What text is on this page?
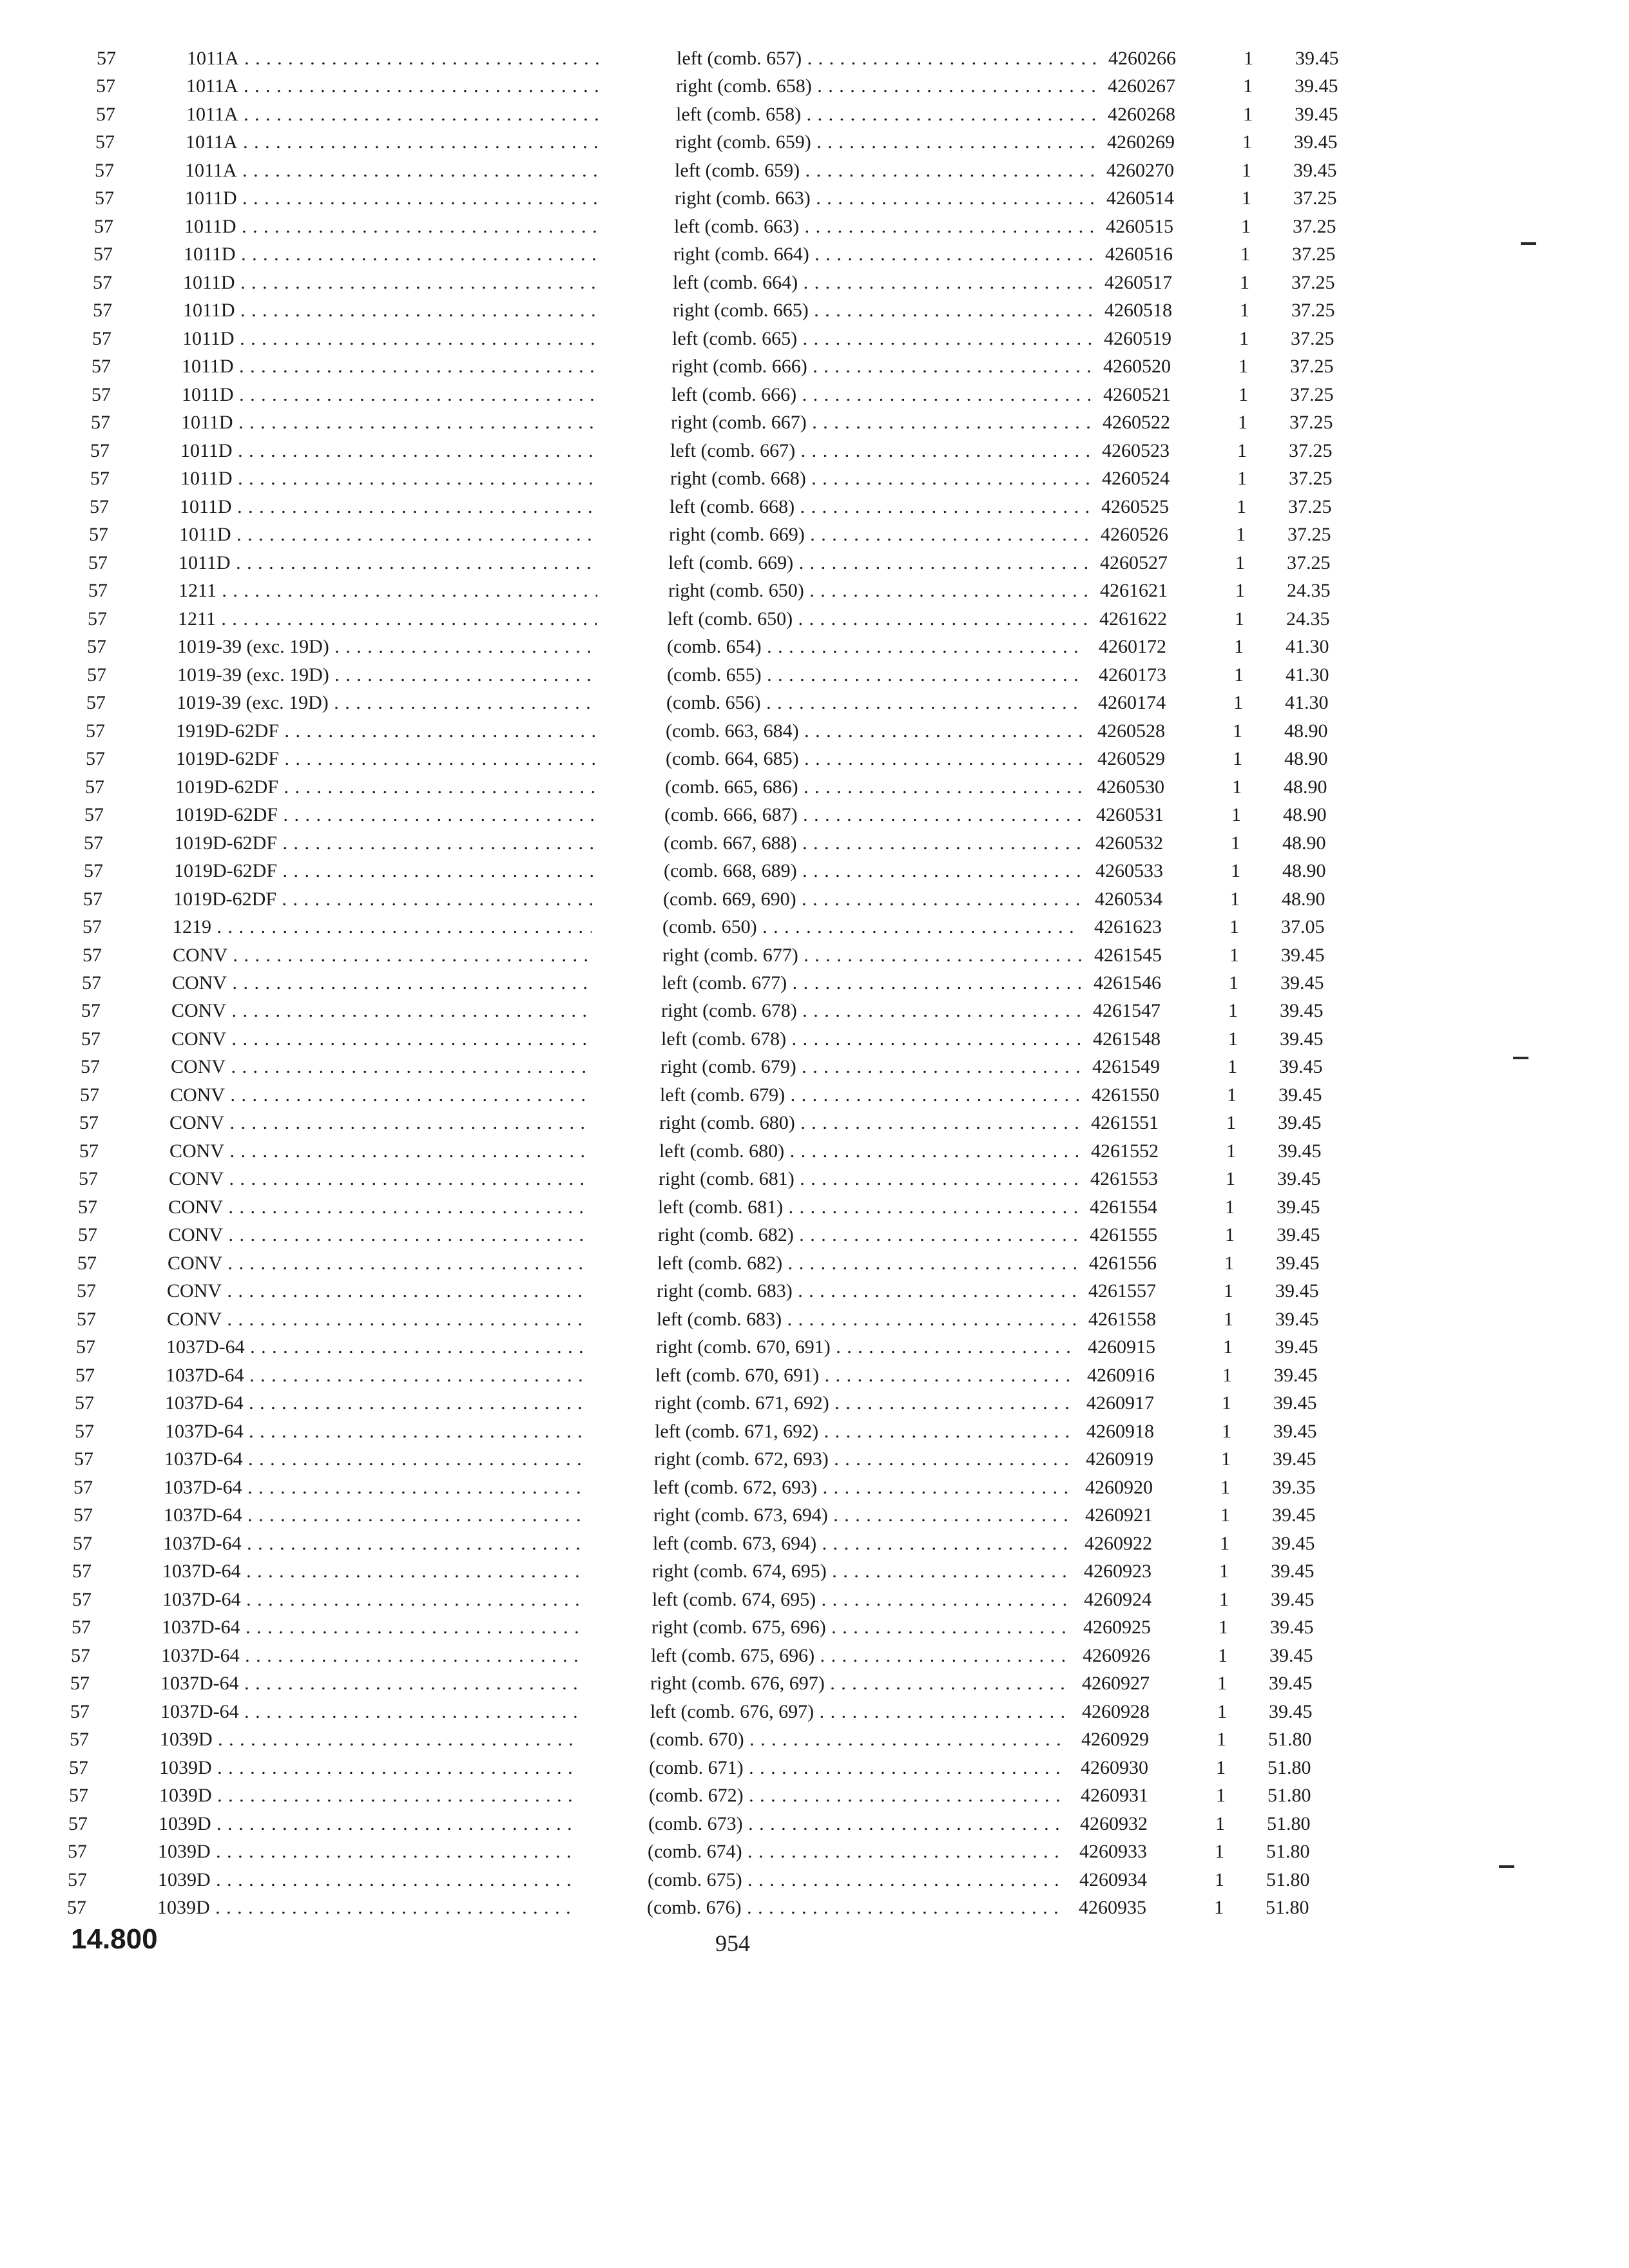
57	1011A . . .	left (comb. 657) . . .	4260266	1	39.45
57	1011A . . .	right (comb. 658) . . .	4260267	1	39.45
57	1011A . . .	left (comb. 658) . . .	4260268	1	39.45
57	1011A . . .	right (comb. 659) . . .	4260269	1	39.45
57	1011A . . .	left (comb. 659) . . .	4260270	1	39.45
57	1011D . . .	right (comb. 663) . . .	4260514	1	37.25
57	1011D . . .	left (comb. 663) . . .	4260515	1	37.25
57	1011D . . .	right (comb. 664) . . .	4260516	1	37.25
57	1011D . . .	left (comb. 664) . . .	4260517	1	37.25
57	1011D . . .	right (comb. 665) . . .	4260518	1	37.25
57	1011D . . .	left (comb. 665) . . .	4260519	1	37.25
57	1011D . . .	right (comb. 666) . . .	4260520	1	37.25
57	1011D . . .	left (comb. 666) . . .	4260521	1	37.25
57	1011D . . .	right (comb. 667) . . .	4260522	1	37.25
57	1011D . . .	left (comb. 667) . . .	4260523	1	37.25
57	1011D . . .	right (comb. 668) . . .	4260524	1	37.25
57	1011D . . .	left (comb. 668) . . .	4260525	1	37.25
57	1011D . . .	right (comb. 669) . . .	4260526	1	37.25
57	1011D . . .	left (comb. 669) . . .	4260527	1	37.25
57	1211 . . .	right (comb. 650) . . .	4261621	1	24.35
57	1211 . . .	left (comb. 650) . . .	4261622	1	24.35
57	1019-39 (exc. 19D) . . .	(comb. 654) . . .	4260172	1	41.30
57	1019-39 (exc. 19D) . . .	(comb. 655) . . .	4260173	1	41.30
57	1019-39 (exc. 19D) . . .	(comb. 656) . . .	4260174	1	41.30
57	1919D-62DF . . .	(comb. 663, 684) . . .	4260528	1	48.90
57	1019D-62DF . . .	(comb. 664, 685) . . .	4260529	1	48.90
57	1019D-62DF . . .	(comb. 665, 686) . . .	4260530	1	48.90
57	1019D-62DF . . .	(comb. 666, 687) . . .	4260531	1	48.90
57	1019D-62DF . . .	(comb. 667, 688) . . .	4260532	1	48.90
57	1019D-62DF . . .	(comb. 668, 689) . . .	4260533	1	48.90
57	1019D-62DF . . .	(comb. 669, 690) . . .	4260534	1	48.90
57	1219 . . .	(comb. 650) . . .	4261623	1	37.05
57	CONV . . .	right (comb. 677) . . .	4261545	1	39.45
57	CONV . . .	left (comb. 677) . . .	4261546	1	39.45
57	CONV . . .	right (comb. 678) . . .	4261547	1	39.45
57	CONV . . .	left (comb. 678) . . .	4261548	1	39.45
57	CONV . . .	right (comb. 679) . . .	4261549	1	39.45
57	CONV . . .	left (comb. 679) . . .	4261550	1	39.45
57	CONV . . .	right (comb. 680) . . .	4261551	1	39.45
57	CONV . . .	left (comb. 680) . . .	4261552	1	39.45
57	CONV . . .	right (comb. 681) . . .	4261553	1	39.45
57	CONV . . .	left (comb. 681) . . .	4261554	1	39.45
57	CONV . . .	right (comb. 682) . . .	4261555	1	39.45
57	CONV . . .	left (comb. 682) . . .	4261556	1	39.45
57	CONV . . .	right (comb. 683) . . .	4261557	1	39.45
57	CONV . . .	left (comb. 683) . . .	4261558	1	39.45
57	1037D-64 . . .	right (comb. 670, 691) . . .	4260915	1	39.45
57	1037D-64 . . .	left (comb. 670, 691) . . .	4260916	1	39.45
57	1037D-64 . . .	right (comb. 671, 692) . . .	4260917	1	39.45
57	1037D-64 . . .	left (comb. 671, 692) . . .	4260918	1	39.45
57	1037D-64 . . .	right (comb. 672, 693) . . .	4260919	1	39.45
57	1037D-64 . . .	left (comb. 672, 693) . . .	4260920	1	39.35
57	1037D-64 . . .	right (comb. 673, 694) . . .	4260921	1	39.45
57	1037D-64 . . .	left (comb. 673, 694) . . .	4260922	1	39.45
57	1037D-64 . . .	right (comb. 674, 695) . . .	4260923	1	39.45
57	1037D-64 . . .	left (comb. 674, 695) . . .	4260924	1	39.45
57	1037D-64 . . .	right (comb. 675, 696) . . .	4260925	1	39.45
57	1037D-64 . . .	left (comb. 675, 696) . . .	4260926	1	39.45
57	1037D-64 . . .	right (comb. 676, 697) . . .	4260927	1	39.45
57	1037D-64 . . .	left (comb. 676, 697) . . .	4260928	1	39.45
57	1039D . . .	(comb. 670) . . .	4260929	1	51.80
57	1039D . . .	(comb. 671) . . .	4260930	1	51.80
57	1039D . . .	(comb. 672) . . .	4260931	1	51.80
57	1039D . . .	(comb. 673) . . .	4260932	1	51.80
57	1039D . . .	(comb. 674) . . .	4260933	1	51.80
57	1039D . . .	(comb. 675) . . .	4260934	1	51.80
57	1039D . . .	(comb. 676) . . .	4260935	1	51.80
14.800	954
